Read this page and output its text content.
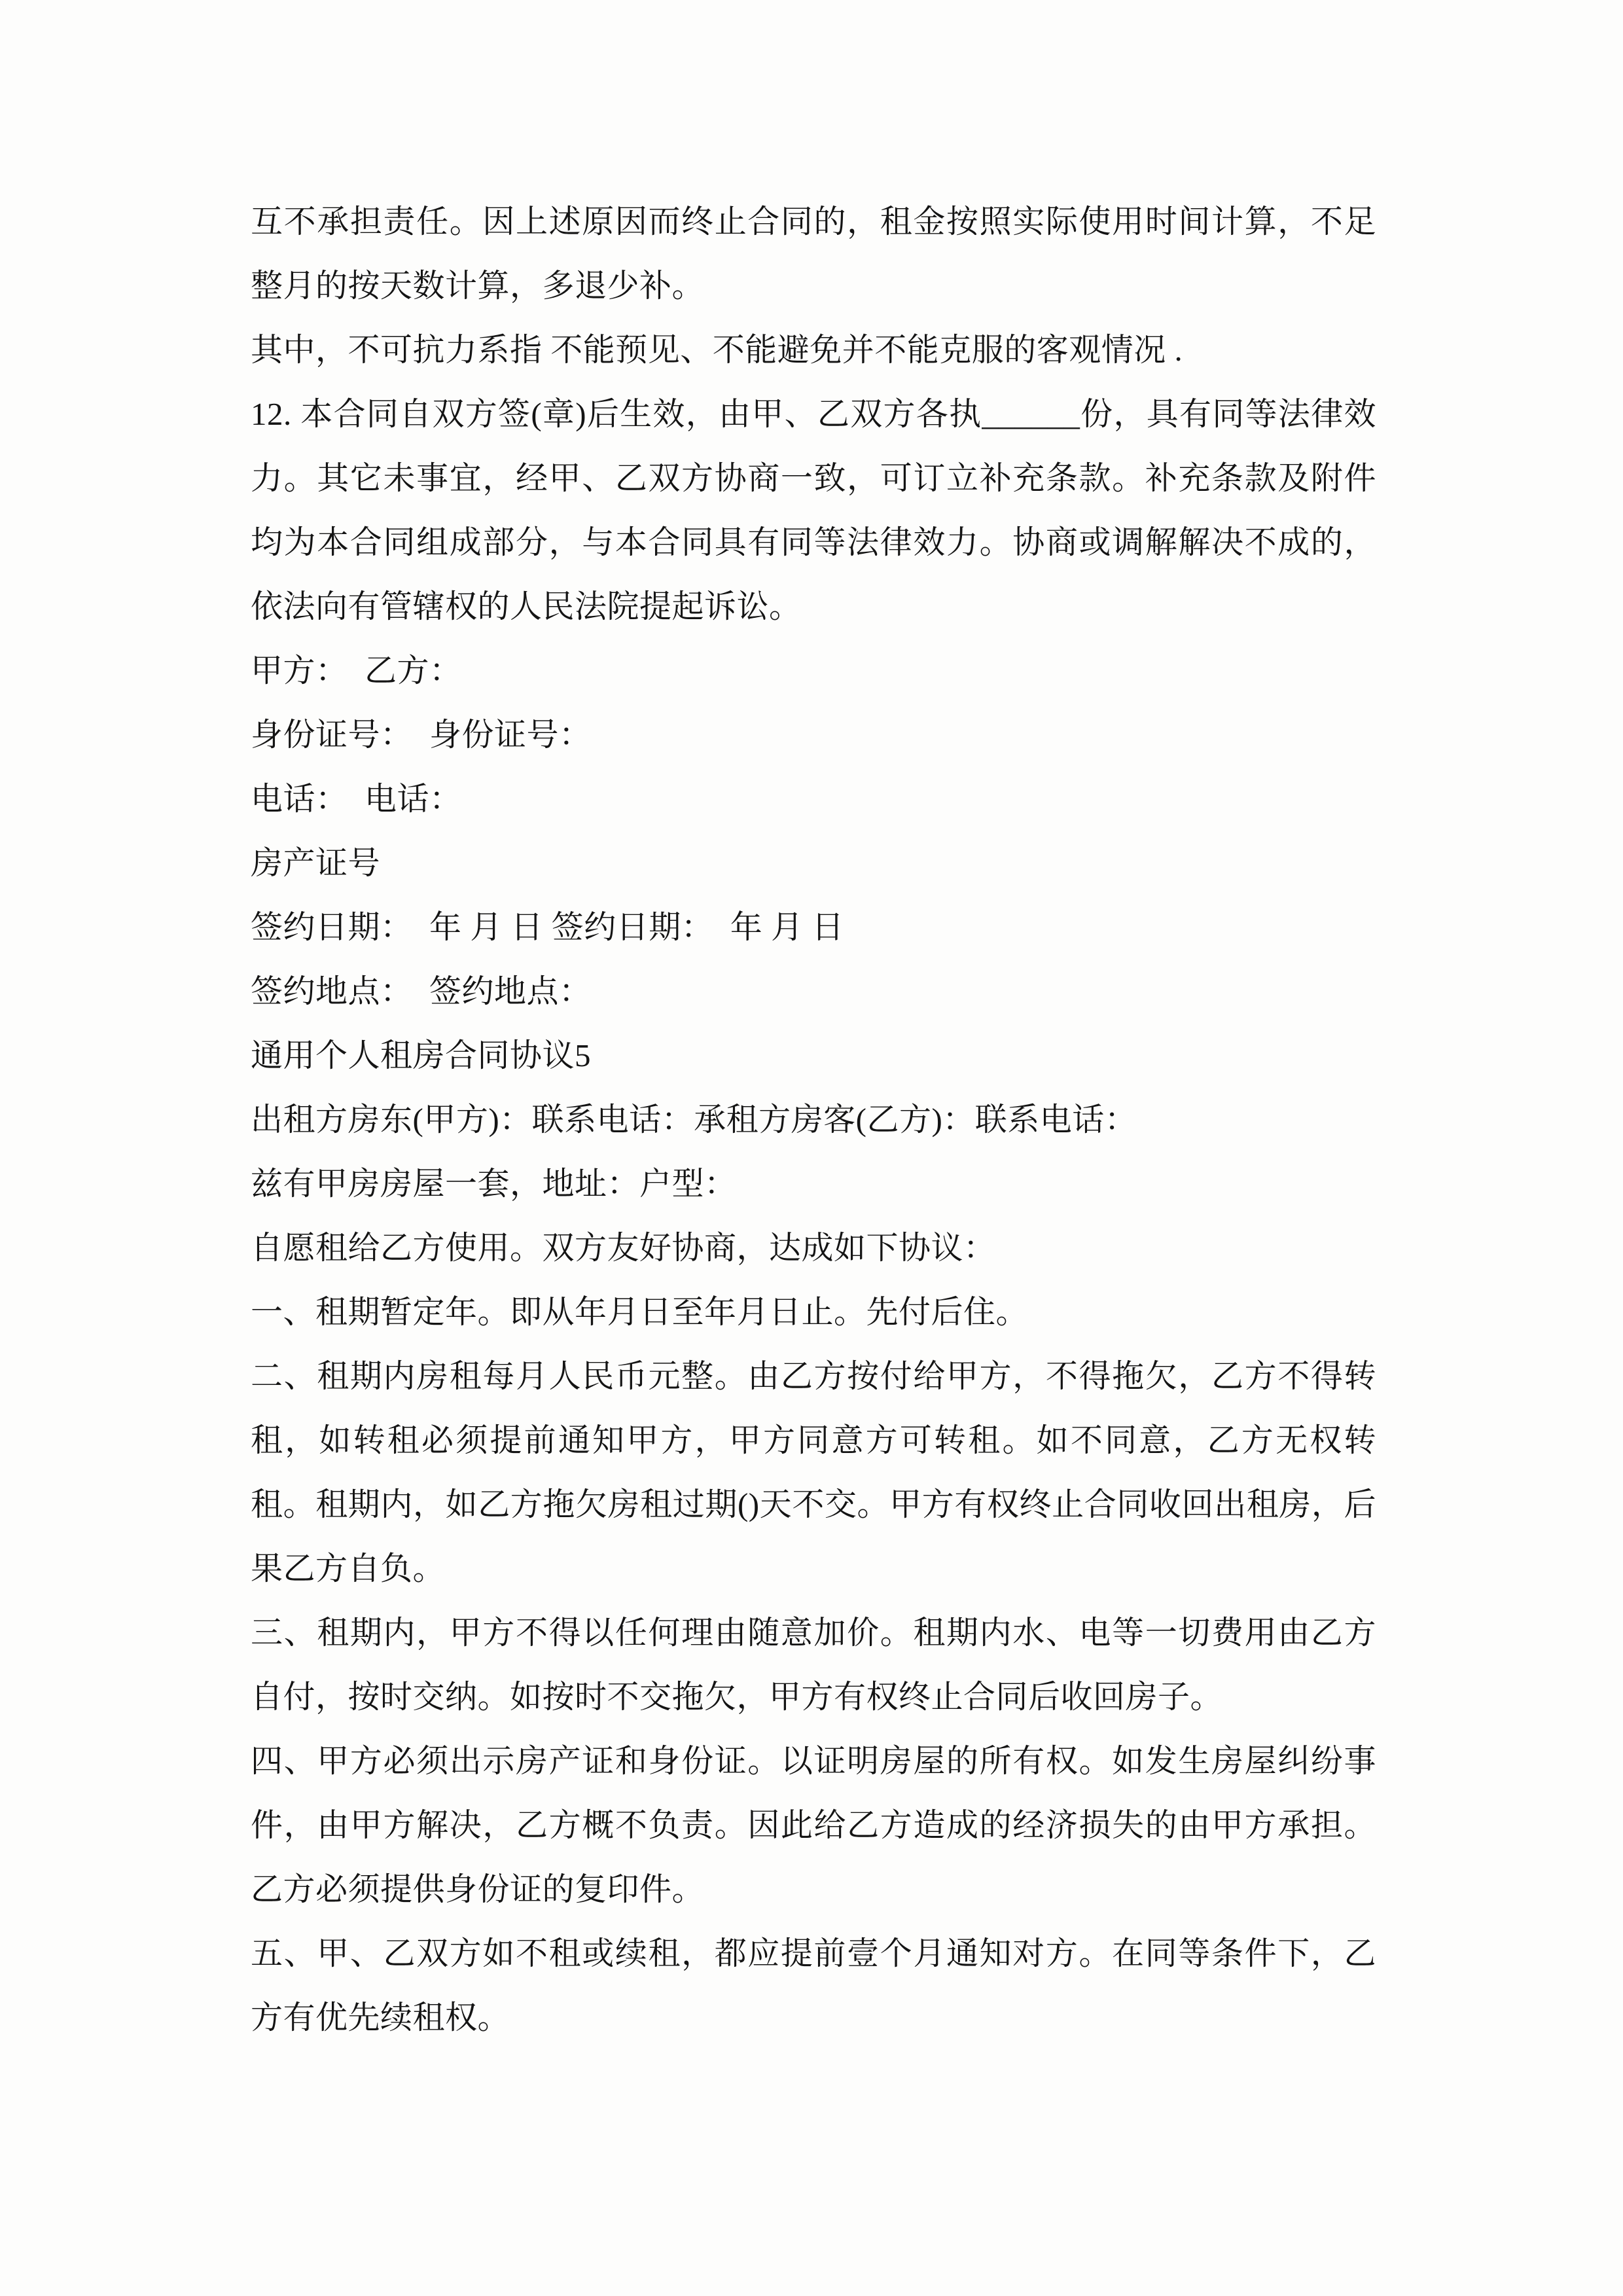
互不承担责任。因上述原因而终止合同的，租金按照实际使用时间计算，不足整月的按天数计算，多退少补。

其中，不可抗力系指 不能预见、不能避免并不能克服的客观情况 .

12. 本合同自双方签(章)后生效，由甲、乙双方各执______份，具有同等法律效力。其它未事宜，经甲、乙双方协商一致，可订立补充条款。补充条款及附件均为本合同组成部分，与本合同具有同等法律效力。协商或调解解决不成的，依法向有管辖权的人民法院提起诉讼。

甲方：  乙方：

身份证号：  身份证号：

电话：  电话：

房产证号

签约日期：  年 月 日 签约日期：  年 月 日

签约地点：  签约地点：

通用个人租房合同协议5

出租方房东(甲方)：联系电话：承租方房客(乙方)：联系电话：

兹有甲房房屋一套，地址：户型：

自愿租给乙方使用。双方友好协商，达成如下协议：

一、租期暂定年。即从年月日至年月日止。先付后住。

二、租期内房租每月人民币元整。由乙方按付给甲方，不得拖欠，乙方不得转租，如转租必须提前通知甲方，甲方同意方可转租。如不同意，乙方无权转租。租期内，如乙方拖欠房租过期()天不交。甲方有权终止合同收回出租房，后果乙方自负。

三、租期内，甲方不得以任何理由随意加价。租期内水、电等一切费用由乙方自付，按时交纳。如按时不交拖欠，甲方有权终止合同后收回房子。

四、甲方必须出示房产证和身份证。以证明房屋的所有权。如发生房屋纠纷事件，由甲方解决，乙方概不负责。因此给乙方造成的经济损失的由甲方承担。乙方必须提供身份证的复印件。

五、甲、乙双方如不租或续租，都应提前壹个月通知对方。在同等条件下，乙方有优先续租权。
